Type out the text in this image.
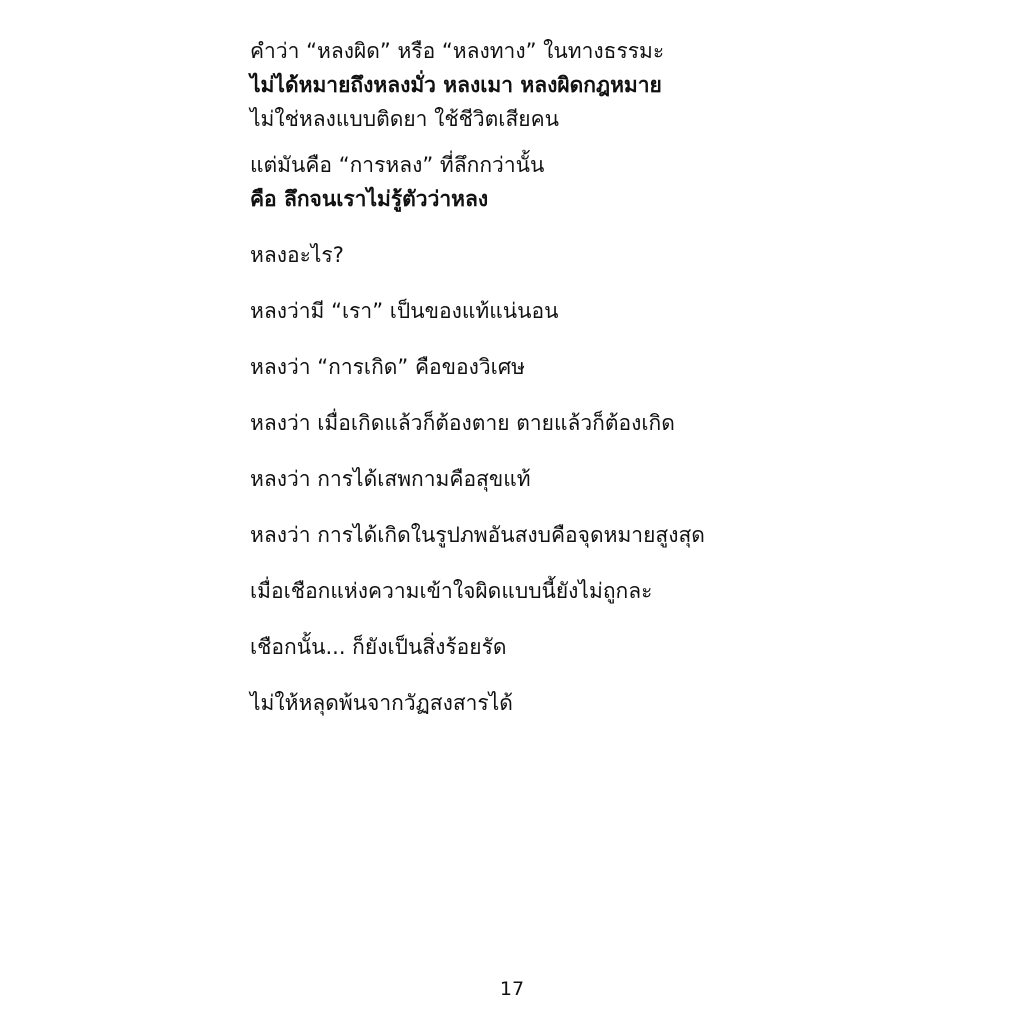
คำว่า “หลงผิด” หรือ “หลงทาง” ในทางธรรมะ
ไม่ได้หมายถึงหลงมั่ว หลงเมา หลงผิดกฎหมาย
ไม่ใช่หลงแบบติดยา ใช้ชีวิตเสียคน
แต่มันคือ “การหลง” ที่ลึกกว่านั้น
คือ ลึกจนเราไม่รู้ตัวว่าหลง
หลงอะไร?
หลงว่ามี “เรา” เป็นของแท้แน่นอน
หลงว่า “การเกิด” คือของวิเศษ
หลงว่า เมื่อเกิดแล้วก็ต้องตาย ตายแล้วก็ต้องเกิด
หลงว่า การได้เสพกามคือสุขแท้
หลงว่า การได้เกิดในรูปภพอันสงบคือจุดหมายสูงสุด
เมื่อเชือกแห่งความเข้าใจผิดแบบนี้ยังไม่ถูกละ
เชือกนั้น... ก็ยังเป็นสิ่งร้อยรัด
ไม่ให้หลุดพ้นจากวัฏสงสารได้
17
